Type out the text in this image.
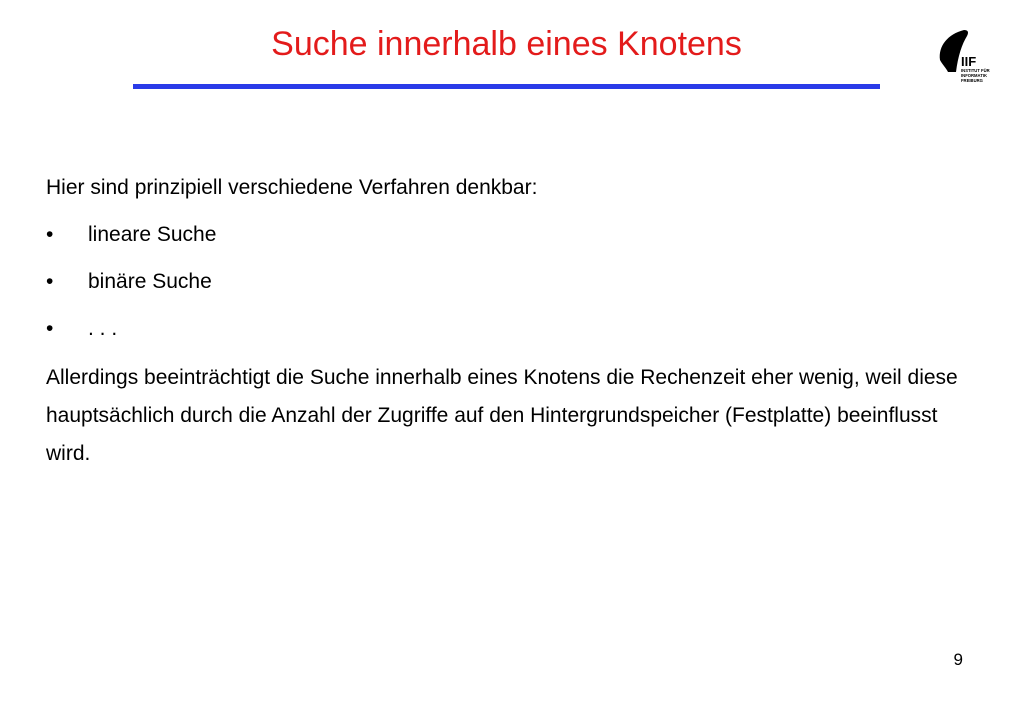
Suche innerhalb eines Knotens	IIF
INSTITUT FÜR
INFORMATIK
FREIBURG
Hier sind prinzipiell verschiedene Verfahren denkbar:
• lineare Suche
• binäre Suche
• . . .

Allerdings beeinträchtigt die Suche innerhalb eines Knotens die Rechenzeit eher wenig, weil diese hauptsächlich durch die Anzahl der Zugriffe auf den Hintergrundspeicher (Festplatte) beeinflusst wird.

9
